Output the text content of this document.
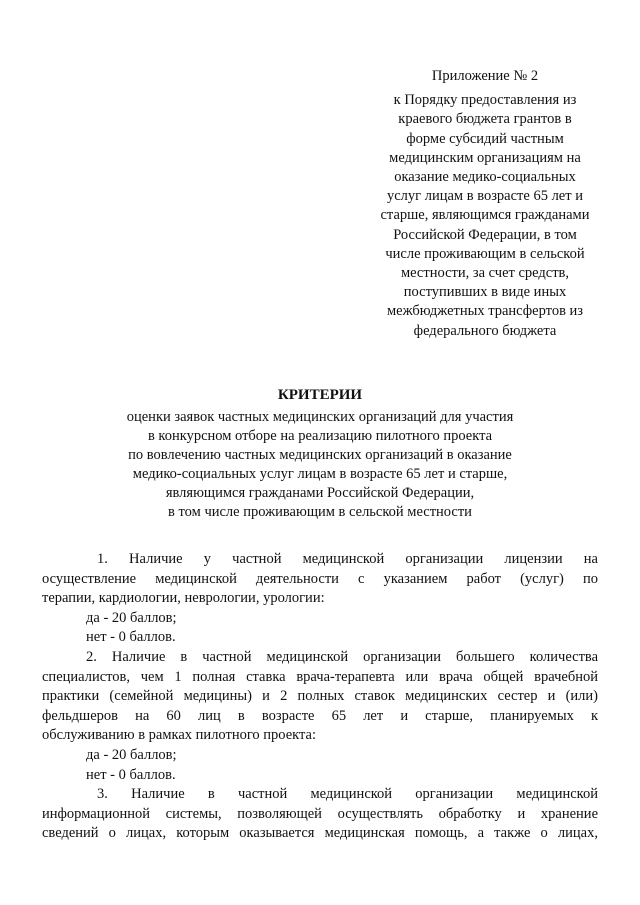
Приложение № 2
к Порядку предоставления из
краевого бюджета грантов в
форме субсидий частным
медицинским организациям на
оказание медико-социальных
услуг лицам в возрасте 65 лет и
старше, являющимся гражданами
Российской Федерации, в том
числе проживающим в сельской
местности, за счет средств,
поступивших в виде иных
межбюджетных трансфертов из
федерального бюджета
КРИТЕРИИ
оценки заявок частных медицинских организаций для участия
в конкурсном отборе на реализацию пилотного проекта
по вовлечению частных медицинских организаций в оказание
медико-социальных услуг лицам в возрасте 65 лет и старше,
являющимся гражданами Российской Федерации,
в том числе проживающим в сельской местности

1. Наличие у частной медицинской организации лицензии на

осуществление медицинской деятельности с указанием работ (услуг) по

терапии, кардиологии, неврологии, урологии:

да - 20 баллов;

нет - 0 баллов.

2. Наличие в частной медицинской организации большего количества

специалистов, чем 1 полная ставка врача-терапевта или врача общей врачебной

практики (семейной медицины) и 2 полных ставок медицинских сестер и (или)

фельдшеров на 60 лиц в возрасте 65 лет и старше, планируемых к

обслуживанию в рамках пилотного проекта:

да - 20 баллов;

нет - 0 баллов.

3. Наличие в частной медицинской организации медицинской

информационной системы, позволяющей осуществлять обработку и хранение

сведений о лицах, которым оказывается медицинская помощь, а также о лицах,
